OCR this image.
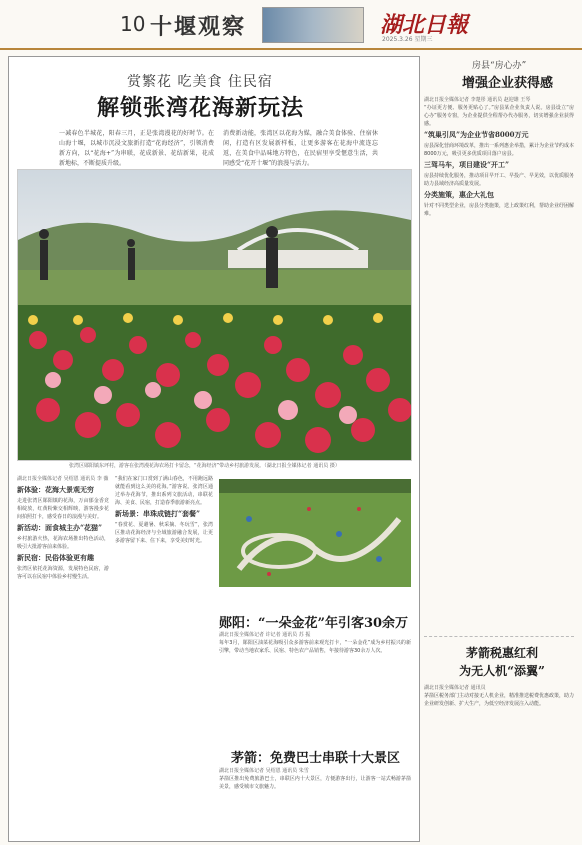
10 十堰观察	湖北日報
2025.3.26 星期三
赏繁花 吃美食 住民宿
解锁张湾花海新玩法
一减春色半城花，阳春三月，正是张湾漫花的好时节。在山海十堰，以城市沉浸文旅新打造“花海经济”，引领消费新方向，以“花海+”为串联，花成新景、花结新果，花成新地标，不断提质升级。
消费新动能，张湾区以花海为媒，融合美食体验、住宿休闲，打造有区发展新样板，让更多游客在花海中流连忘返，在美食中品味地方特色，在民宿里享受惬意生活，共同感受“花开十堰”的浪漫与活力。
张湾区郧阳镇东坪村，游客在张湾漫花海农场打卡留念，“花海经济”带动乡村旅游发展。（湖北日报全媒体记者 通讯员 摄）
湖北日报全媒体记者 吴绍恩 通讯员 李 薇
新体验：花海大景观无穷
走进张湾区郧阳镇的花海，万亩郁金香竞相绽放，红黄粉紫交相辉映，游客漫步花间拍照打卡，感受春日的浪漫与美好。
新活动：面食城主办“花猫”
乡村旅游火热，花海农场推出特色活动，吸引大批游客前来体验。
新民宿：民俗体验更有趣
张湾区依托花海资源，发展特色民宿，游客可以在民宿中体验乡村慢生活。
“我们在家门口赏到了满山春色，不用跑远路就能看到这么美的花海。”游客说。张湾区通过举办花海节，推出系列文旅活动，串联花海、美食、民宿，打造春季旅游新亮点。
新场景：串珠成链打“套餐”
“春赏花、夏避暑、秋采摘、冬玩雪”，张湾区推动花海经济与全域旅游融合发展，让更多游客留下来、住下来，享受美好时光。
郧阳：“一朵金花”年引客30余万
湖北日报全媒体记者 许记者 通讯员 苏 振
每年3月，郧阳区油菜花海吸引众多游客前来观光打卡，“一朵金花”成为乡村振兴的新引擎，带动当地农家乐、民宿、特色农产品销售，年接待游客30余万人次。
茅箭：免费巴士串联十大景区
湖北日报全媒体记者 吴绍恩 通讯员 朱雪
茅箭区推出免费旅游巴士，串联区内十大景区，方便游客出行，让游客一站式畅游茅箭美景，感受城市文旅魅力。
房县“房心办”
增强企业获得感
湖北日报全媒体记者 李楚彤 通讯员 赵迎雄 王琴
“办证更方便、服务更贴心了。”房县某企业负责人说。房县设立“房心办”服务专窗，为企业提供全程帮办代办服务，切实增强企业获得感。
“筑巢引凤”为企业节省8000万元
房县深化营商环境改革，推出一系列惠企举措，累计为企业节约成本8000万元，吸引更多优质项目落户房县。
三驾马车，项目建设“开工”
房县持续优化服务，推动项目早开工、早投产、早见效，以优质服务助力县域经济高质量发展。
分类施策，惠企大礼包
针对不同类型企业，房县分类施策，送上政策红利，帮助企业纾困解难。
茅箭税惠红利
为无人机“添翼”
湖北日报全媒体记者 通讯员
茅箭区税务部门主动对接无人机企业，精准推送税费优惠政策，助力企业研发创新、扩大生产，为低空经济发展注入动能。
